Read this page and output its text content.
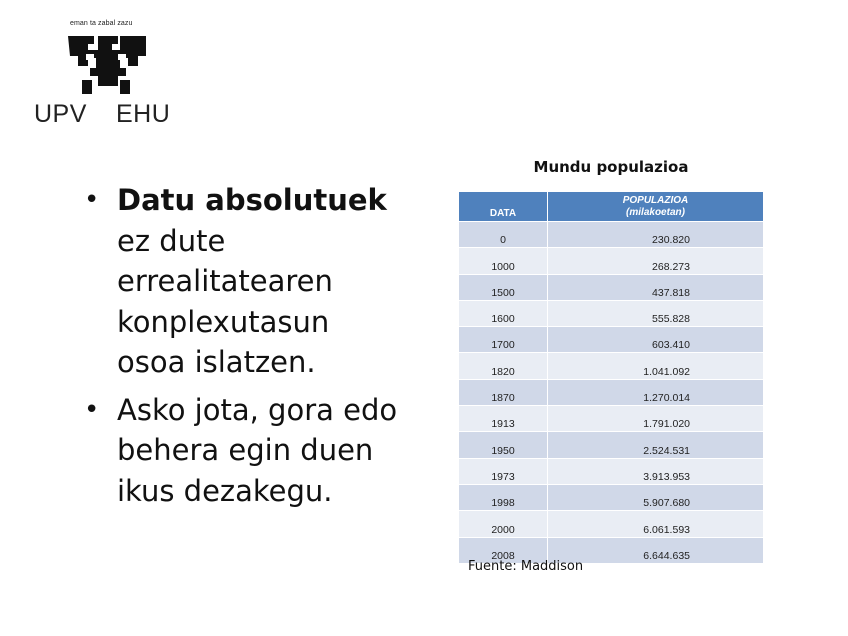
eman ta zabal zazu
UPV EHU
• Datu absolutuek ez dute errealitatearen konplexutasun osoa islatzen.
• Asko jota, gora edo behera egin duen ikus dezakegu.
Mundu populazioa
DATA	POPULAZIOA
(milakoetan)

0	230.820
1000	268.273
1500	437.818
1600	555.828
1700	603.410
1820	1.041.092
1870	1.270.014
1913	1.791.020
1950	2.524.531
1973	3.913.953
1998	5.907.680
2000	6.061.593
2008	6.644.635
Fuente: Maddison
